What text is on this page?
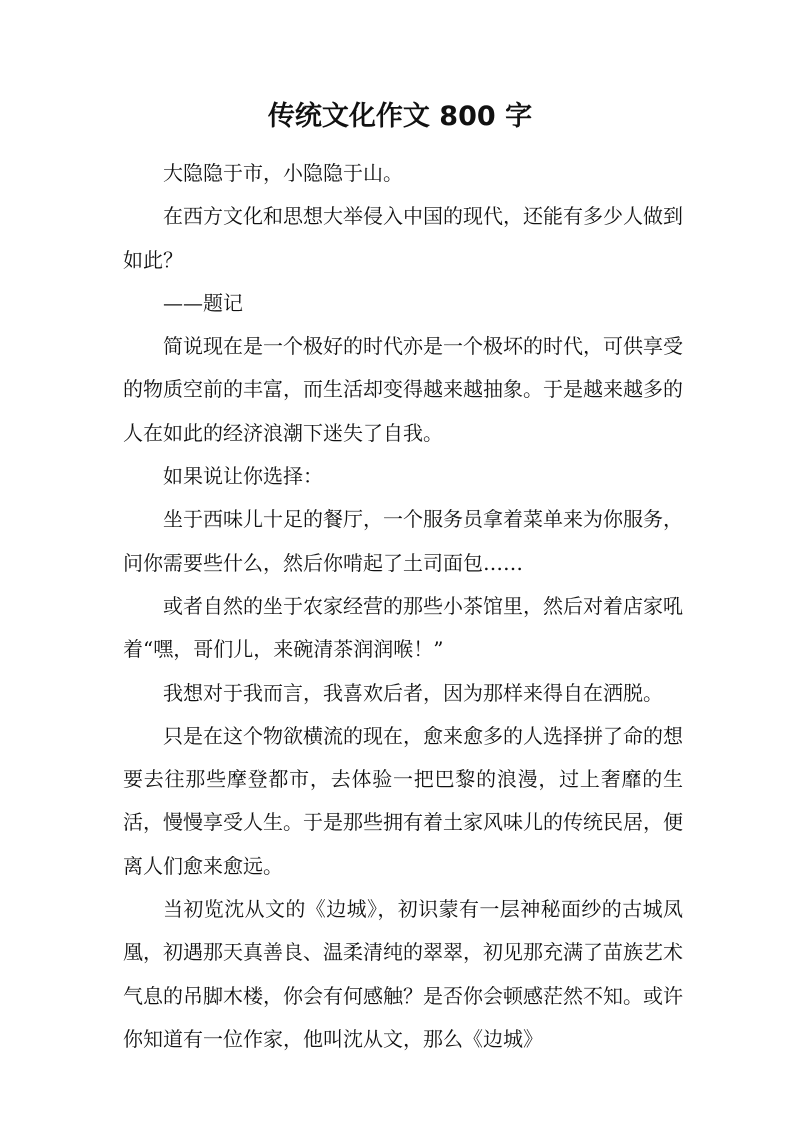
传统文化作文 800 字

大隐隐于市，小隐隐于山。

在西方文化和思想大举侵入中国的现代，还能有多少人做到如此？

——题记

简说现在是一个极好的时代亦是一个极坏的时代，可供享受的物质空前的丰富，而生活却变得越来越抽象。于是越来越多的人在如此的经济浪潮下迷失了自我。

如果说让你选择：

坐于西味儿十足的餐厅，一个服务员拿着菜单来为你服务，问你需要些什么，然后你啃起了土司面包……

或者自然的坐于农家经营的那些小茶馆里，然后对着店家吼着“嘿，哥们儿，来碗清茶润润喉！”

我想对于我而言，我喜欢后者，因为那样来得自在洒脱。

只是在这个物欲横流的现在，愈来愈多的人选择拼了命的想要去往那些摩登都市，去体验一把巴黎的浪漫，过上奢靡的生活，慢慢享受人生。于是那些拥有着土家风味儿的传统民居，便离人们愈来愈远。

当初览沈从文的《边城》，初识蒙有一层神秘面纱的古城凤凰，初遇那天真善良、温柔清纯的翠翠，初见那充满了苗族艺术气息的吊脚木楼，你会有何感触？是否你会顿感茫然不知。或许你知道有一位作家，他叫沈从文，那么《边城》
